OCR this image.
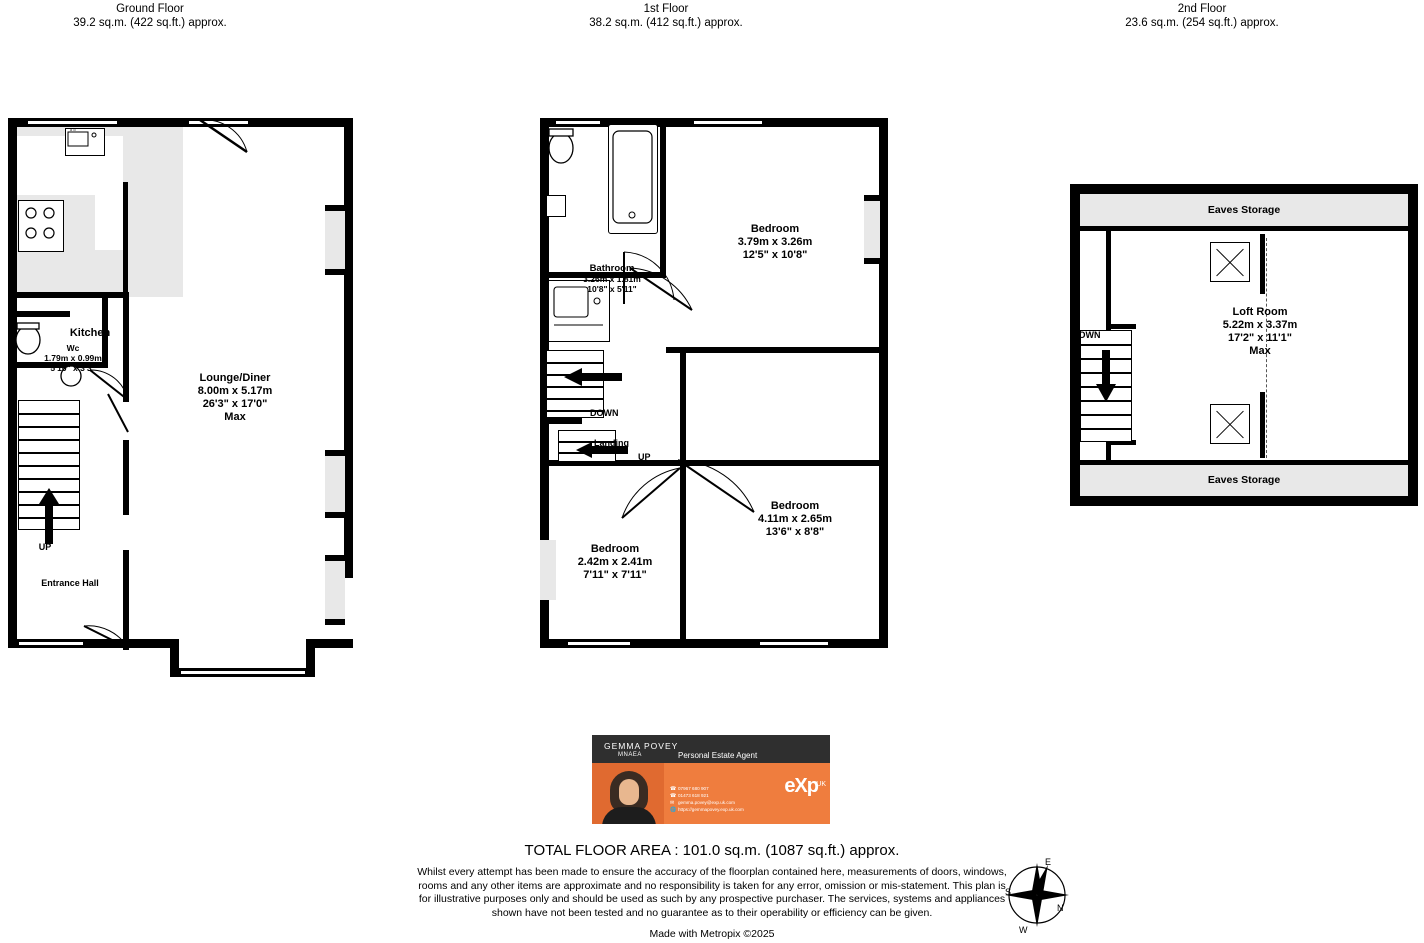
Ground Floor
39.2 sq.m. (422 sq.ft.) approx.
1st Floor
38.2 sq.m. (412 sq.ft.) approx.
2nd Floor
23.6 sq.m. (254 sq.ft.) approx.
o o
Kitchen
Lounge/Diner
8.00m x 5.17m
26'3" x 17'0"
Max
Wc
1.79m x 0.99m
5'10" x 3'3"
Entrance Hall
UP
Bathroom
3.26m x 1.81m
10'8" x 5'11"
Bedroom
3.79m x 3.26m
12'5" x 10'8"
Bedroom
4.11m x 2.65m
13'6" x 8'8"
Bedroom
2.42m x 2.41m
7'11" x 7'11"
DOWN
Landing
UP
Eaves Storage
Eaves Storage
Loft Room
5.22m x 3.37m
17'2" x 11'1"
Max
DOWN
GEMMA POVEY
MNAEA	Personal Estate Agent
eXp
UK
07967 680 907
01473 618 921
gemma.povey@exp.uk.com
https://gemmapovey.exp.uk.com
☎
☎
✉
🌐
TOTAL FLOOR AREA : 101.0 sq.m. (1087 sq.ft.) approx.
Whilst every attempt has been made to ensure the accuracy of the floorplan contained here, measurements of doors, windows, rooms and any other items are approximate and no responsibility is taken for any error, omission or mis-statement. This plan is for illustrative purposes only and should be used as such by any prospective purchaser. The services, systems and appliances shown have not been tested and no guarantee as to their operability or efficiency can be given.
Made with Metropix ©2025
N
E
S
W
